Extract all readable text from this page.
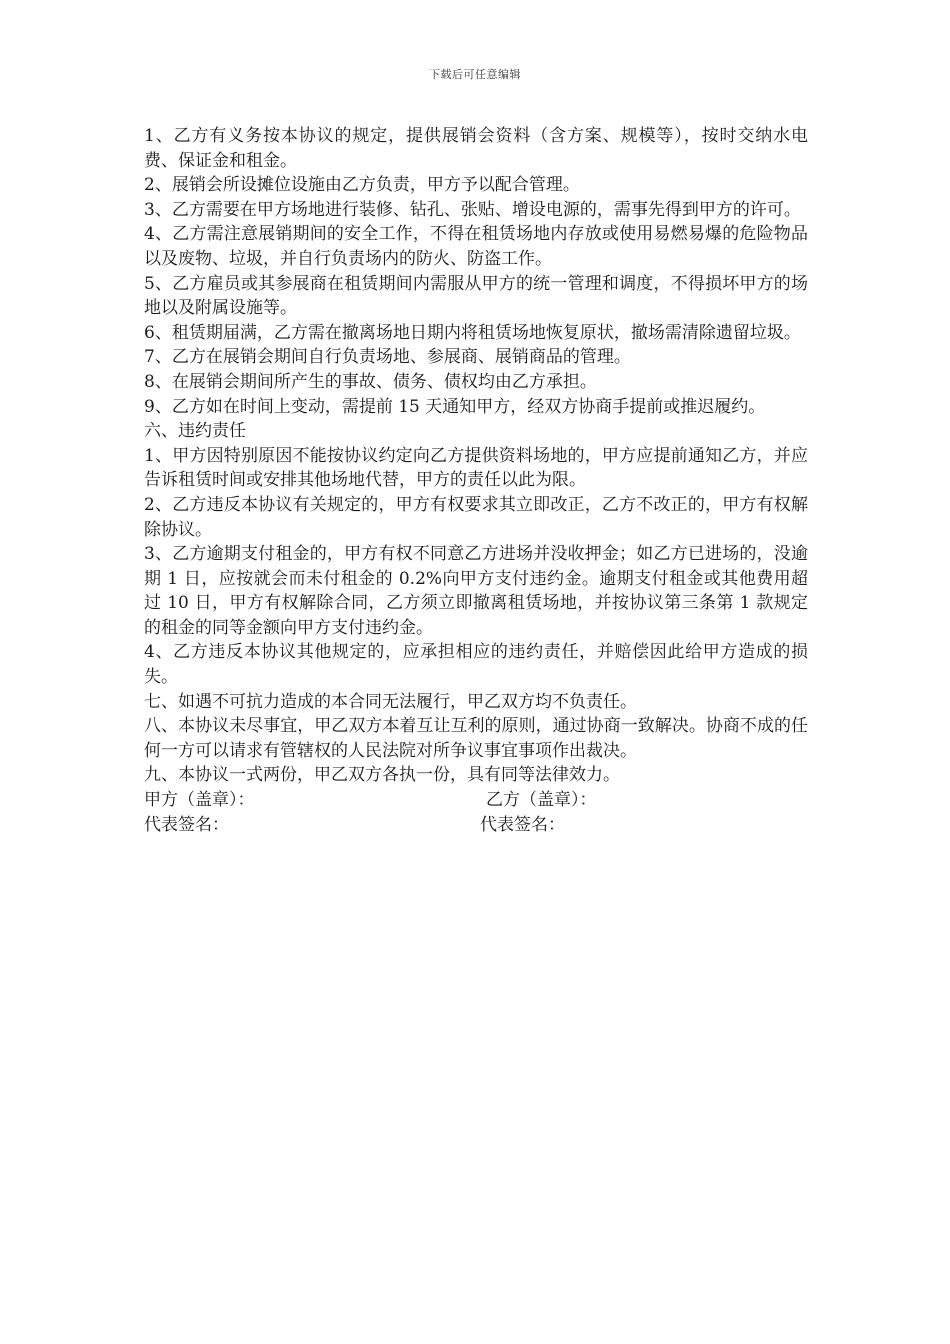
下载后可任意编辑

1、乙方有义务按本协议的规定，提供展销会资料（含方案、规模等），按时交纳水电费、保证金和租金。

2、展销会所设摊位设施由乙方负责，甲方予以配合管理。

3、乙方需要在甲方场地进行装修、钻孔、张贴、增设电源的，需事先得到甲方的许可。

4、乙方需注意展销期间的安全工作，不得在租赁场地内存放或使用易燃易爆的危险物品以及废物、垃圾，并自行负责场内的防火、防盗工作。

5、乙方雇员或其参展商在租赁期间内需服从甲方的统一管理和调度，不得损坏甲方的场地以及附属设施等。

6、租赁期届满，乙方需在撤离场地日期内将租赁场地恢复原状，撤场需清除遗留垃圾。

7、乙方在展销会期间自行负责场地、参展商、展销商品的管理。

8、在展销会期间所产生的事故、债务、债权均由乙方承担。

9、乙方如在时间上变动，需提前 15 天通知甲方，经双方协商手提前或推迟履约。

六、违约责任

1、甲方因特别原因不能按协议约定向乙方提供资料场地的，甲方应提前通知乙方，并应告诉租赁时间或安排其他场地代替，甲方的责任以此为限。

2、乙方违反本协议有关规定的，甲方有权要求其立即改正，乙方不改正的，甲方有权解除协议。

3、乙方逾期支付租金的，甲方有权不同意乙方进场并没收押金；如乙方已进场的，没逾期 1 日，应按就会而未付租金的 0.2%向甲方支付违约金。逾期支付租金或其他费用超过 10 日，甲方有权解除合同，乙方须立即撤离租赁场地，并按协议第三条第 1 款规定的租金的同等金额向甲方支付违约金。

4、乙方违反本协议其他规定的，应承担相应的违约责任，并赔偿因此给甲方造成的损失。

七、如遇不可抗力造成的本合同无法履行，甲乙双方均不负责任。

八、本协议未尽事宜，甲乙双方本着互让互利的原则，通过协商一致解决。协商不成的任何一方可以请求有管辖权的人民法院对所争议事宜事项作出裁决。

九、本协议一式两份，甲乙双方各执一份，具有同等法律效力。

甲方（盖章）：	乙方（盖章）：
代表签名：	代表签名：
